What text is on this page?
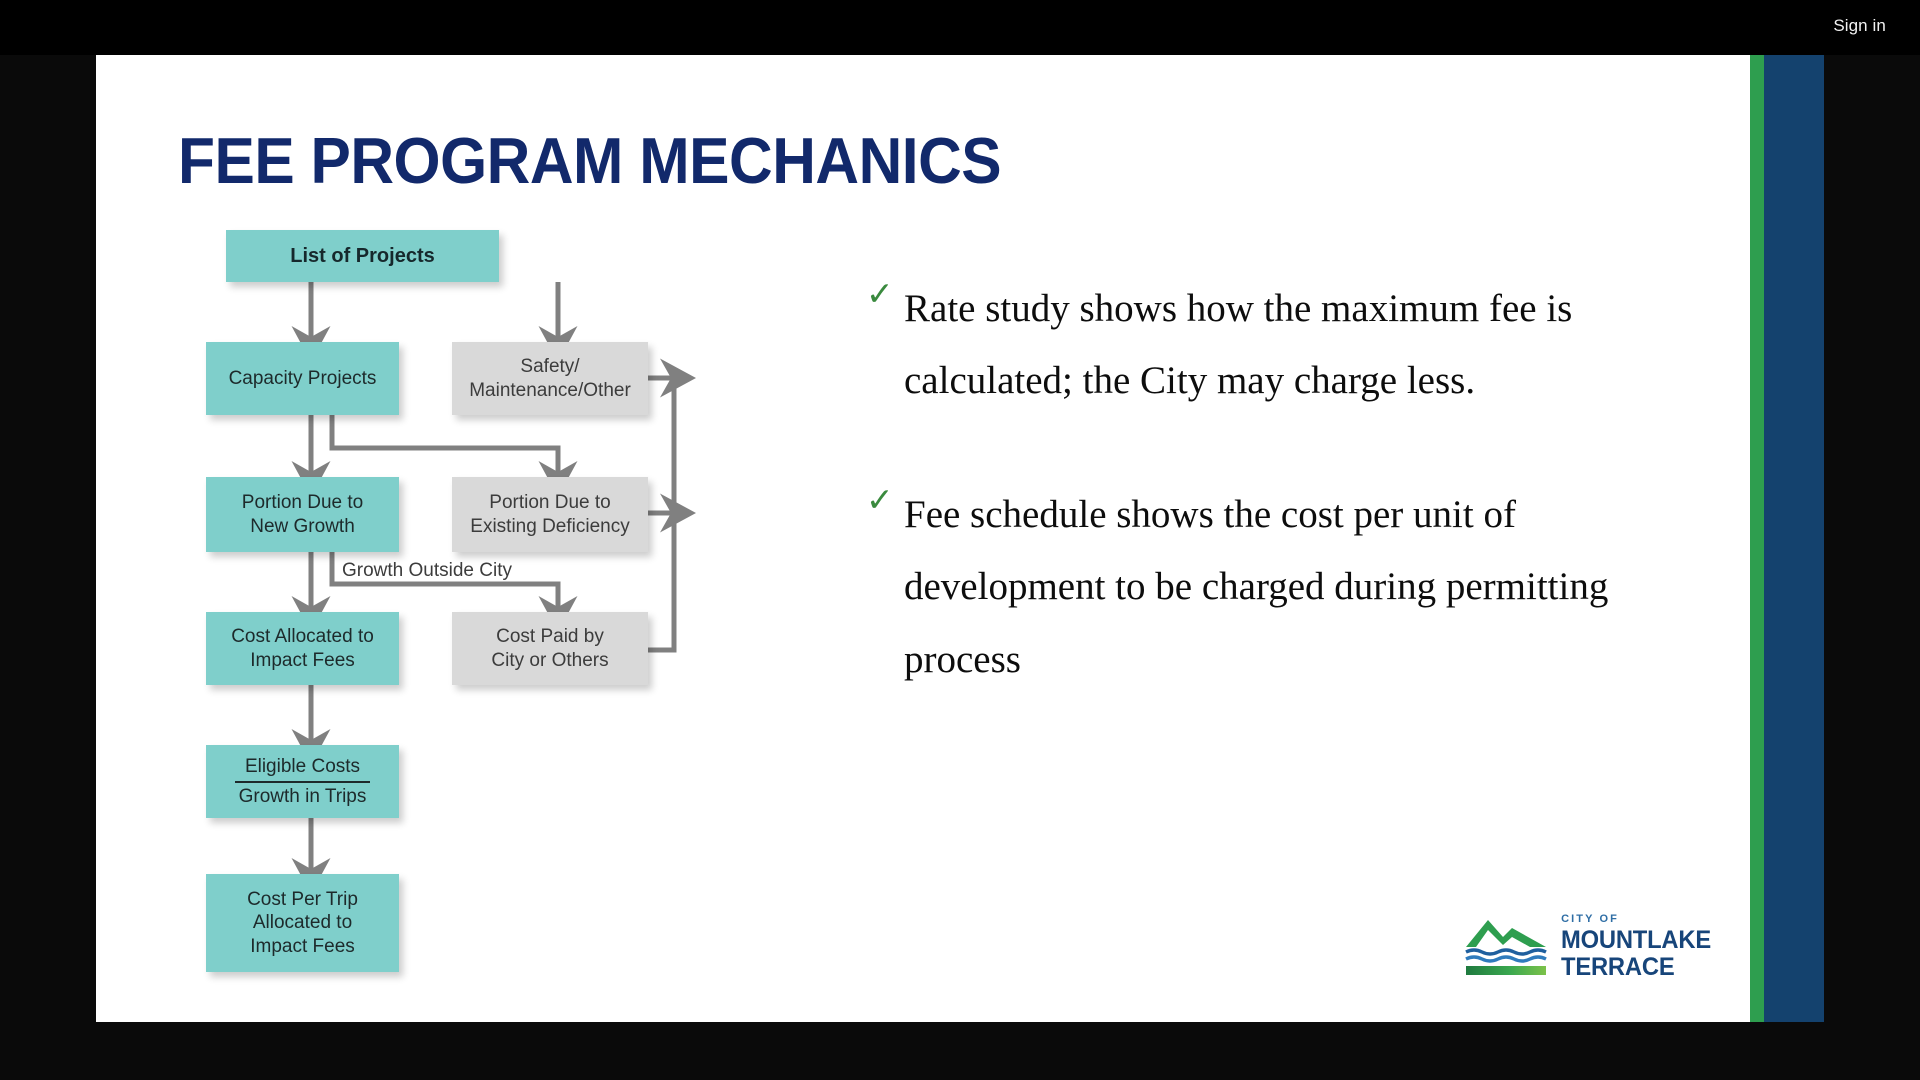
Sign in
FEE PROGRAM MECHANICS
List of Projects
Capacity Projects
Safety/
Maintenance/Other
Portion Due to
New Growth
Portion Due to
Existing Deficiency
Growth Outside City
Cost Allocated to
Impact Fees
Cost Paid by
City or Others
$\frac{\text{Eligible Costs}}{\text{Growth in Trips}}$
Cost Per Trip
Allocated to
Impact Fees
✓ Rate study shows how the maximum fee is calculated; the City may charge less.
✓ Fee schedule shows the cost per unit of development to be charged during permitting process
CITY OF
MOUNTLAKE
TERRACE
